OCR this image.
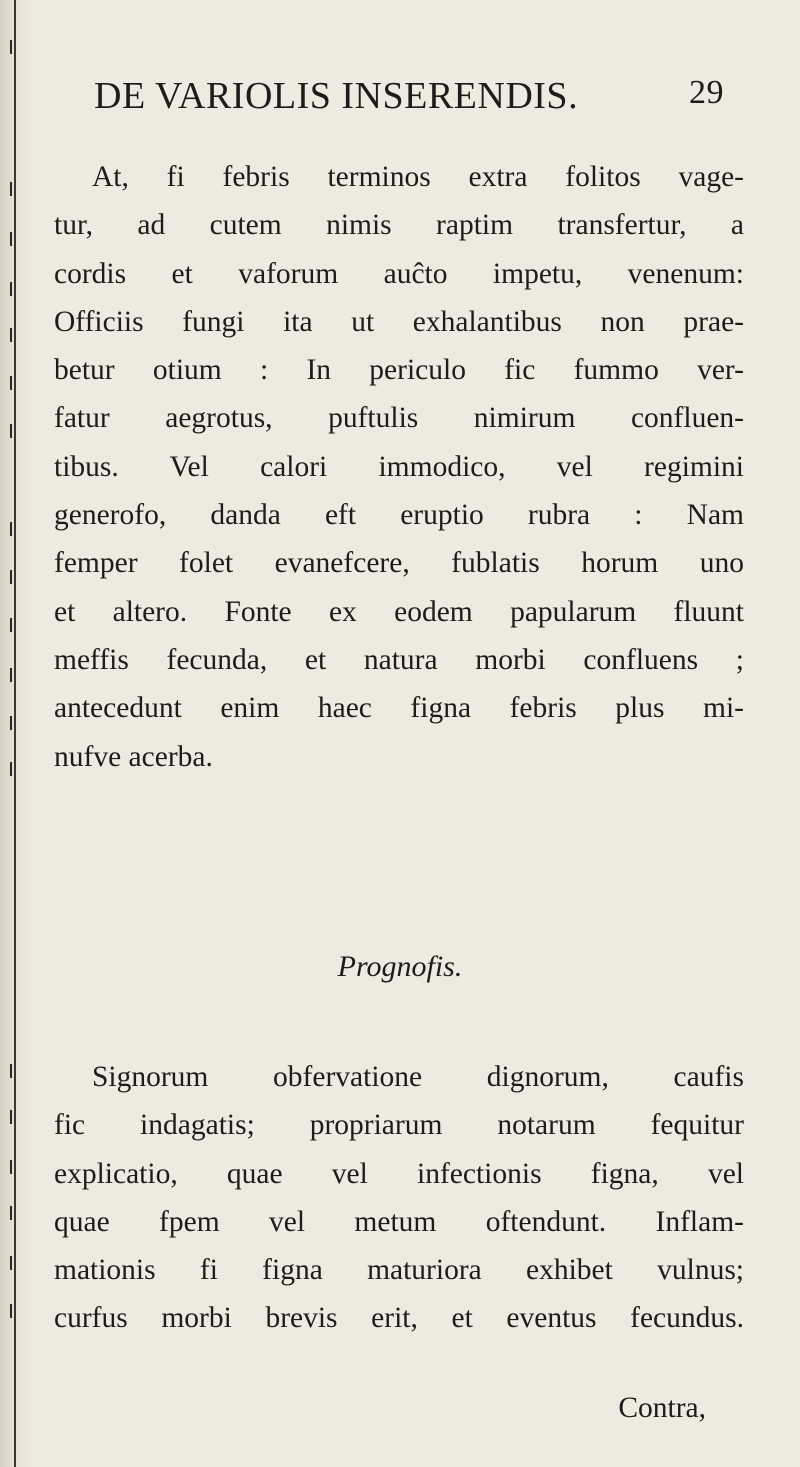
DE VARIOLIS INSERENDIS.	29
At, fi febris terminos extra folitos vage-
tur, ad cutem nimis raptim transfertur, a
cordis et vaforum auĉto impetu, venenum:
Officiis fungi ita ut exhalantibus non prae-
betur otium : In periculo fic fummo ver-
fatur aegrotus, puftulis nimirum confluen-
tibus. Vel calori immodico, vel regimini
generofo, danda eft eruptio rubra : Nam
femper folet evanefcere, fublatis horum uno
et altero. Fonte ex eodem papularum fluunt
meffis fecunda, et natura morbi confluens ;
antecedunt enim haec figna febris plus mi-
nufve acerba.
Prognofis.
Signorum obfervatione dignorum, caufis
fic indagatis; propriarum notarum fequitur
explicatio, quae vel infectionis figna, vel
quae fpem vel metum oftendunt. Inflam-
mationis fi figna maturiora exhibet vulnus;
curfus morbi brevis erit, et eventus fecundus.
Contra,
